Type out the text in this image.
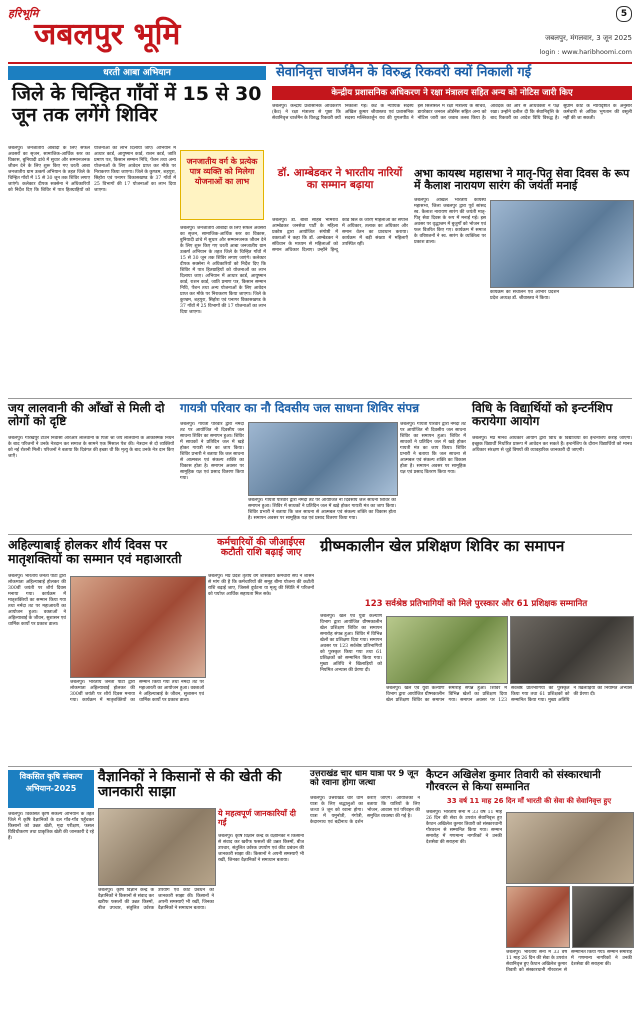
हरिभूमि
जबलपुर भूमि
5
जबलपुर, मंगलवार, 3 जून 2025
login : www.haribhoomi.com
धरती आबा अभियान
जिले के चिन्हित गाँवों में 15 से 30 जून तक लगेंगे शिविर
जबलपुर। जनजातीय आबादी के लिए सफल अवसरों का सृजन, सामाजिक-आर्थिक स्तर का विकास, बुनियादी ढांचे में सुधार और सम्मानजनक जीवन देने के लिए शुरू किए गए धरती आबा जनजातीय ग्राम उत्कर्ष अभियान के तहत जिले के चिन्हित गाँवों में 15 से 30 जून तक शिविर लगाए जाएंगे। कलेक्टर दीपक सक्सेना ने अधिकारियों को निर्देश दिए कि शिविर में पात्र हितग्राहियों को योजनाओं का लाभ दिलाया जाए। अभियान में आधार कार्ड, आयुष्मान कार्ड, राशन कार्ड, जाति प्रमाण पत्र, किसान सम्मान निधि, पेंशन तथा अन्य योजनाओं के लिए आवेदन प्राप्त कर मौके पर निराकरण किया जाएगा। जिले के कुण्डम, शहपुरा, सिहोरा एवं पनागर विकासखण्ड के 37 गाँवों में 25 विभागों की 17 योजनाओं का लाभ दिया जाएगा।
जनजातीय वर्ग के प्रत्येक पात्र व्यक्ति को मिलेगा योजनाओं का लाभ
जबलपुर। जनजातीय आबादी के लिए सफल अवसरों का सृजन, सामाजिक-आर्थिक स्तर का विकास, बुनियादी ढांचे में सुधार और सम्मानजनक जीवन देने के लिए शुरू किए गए धरती आबा जनजातीय ग्राम उत्कर्ष अभियान के तहत जिले के चिन्हित गाँवों में 15 से 30 जून तक शिविर लगाए जाएंगे। कलेक्टर दीपक सक्सेना ने अधिकारियों को निर्देश दिए कि शिविर में पात्र हितग्राहियों को योजनाओं का लाभ दिलाया जाए। अभियान में आधार कार्ड, आयुष्मान कार्ड, राशन कार्ड, जाति प्रमाण पत्र, किसान सम्मान निधि, पेंशन तथा अन्य योजनाओं के लिए आवेदन प्राप्त कर मौके पर निराकरण किया जाएगा। जिले के कुण्डम, शहपुरा, सिहोरा एवं पनागर विकासखण्ड के 37 गाँवों में 25 विभागों की 17 योजनाओं का लाभ दिया जाएगा।
सेवानिवृत्त चार्जमैन के विरुद्ध रिकवरी क्यों निकाली गई
केन्द्रीय प्रशासनिक अधिकरण ने रक्षा मंत्रालय सहित अन्य को नोटिस जारी किए
जबलपुर। केन्द्रीय प्रशासनिक अधिकरण (कैट) ने रक्षा मंत्रालय से पूछा कि सेवानिवृत्त चार्जमैन के विरुद्ध रिकवरी क्यों निकाली गई। कैट के न्यायिक सदस्य अखिल कुमार श्रीवास्तव एवं प्रशासनिक सदस्य मल्लिकार्जुन राव की युगलपीठ ने इस सिलसिले में रक्षा मंत्रालय के सचिव, डायरेक्टर जनरल ऑर्डनेंस सहित अन्य को नोटिस जारी कर जवाब तलब किया है। आवेदक की ओर से अधिवक्ता ने पक्ष रखा। उन्होंने दलील दी कि सेवानिवृत्ति के बाद रिकवरी का आदेश विधि विरुद्ध है। सुप्रीम कोर्ट के न्यायदृष्टांत के अनुसार कर्मचारी से अधिक भुगतान की वसूली नहीं की जा सकती।
डॉ. आम्बेडकर ने भारतीय नारियों का सम्मान बढ़ाया
जबलपुर। डॉ. बाबा साहेब भीमराव आम्बेडकर जनसेवा पार्टी के महिला प्रकोष्ठ द्वारा आयोजित संगोष्ठी में वक्ताओं ने कहा कि डॉ. आम्बेडकर ने संविधान के माध्यम से महिलाओं को समान अधिकार दिलाए। उन्होंने हिन्दू कोड बिल के जरिए महिलाओं को संपत्ति में अधिकार, तलाक का अधिकार और समान वेतन का प्रावधान कराया। कार्यक्रम में बड़ी संख्या में महिलाएँ उपस्थित रहीं।
अभा कायस्थ महासभा ने मातृ-पितृ सेवा दिवस के रूप में कैलाश नारायण सारंग की जयंती मनाई
जबलपुर। अखिल भारतीय कायस्थ महासभा, जिला जबलपुर द्वारा पूर्व सांसद स्व. कैलाश नारायण सारंग की जयंती मातृ-पितृ सेवा दिवस के रूप में मनाई गई। इस अवसर पर वृद्धाश्रम में बुजुर्गों को भोजन एवं फल वितरित किए गए। कार्यक्रम में समाज के वरिष्ठजनों ने स्व. सारंग के व्यक्तित्व पर प्रकाश डाला।
कार्यक्रम का संचालन एवं आभार प्रदर्शन प्रदेश अध्यक्ष डॉ. श्रीवास्तव ने किया।
जय लालवानी की आँखों से मिली दो लोगों को दृष्टि
जबलपुर। गोरखपुर टाउन निवासी आरआर लालवानी के पिता श्री जय लालवानी के आकस्मिक निधन के बाद परिजनों ने उनके नेत्रदान कर समाज के सामने एक मिसाल पेश की। नेत्रदान से दो व्यक्तियों को नई रोशनी मिली। परिजनों ने बताया कि दिवंगत की इच्छा थी कि मृत्यु के बाद उनके नेत्र दान किए जाएँ।
गायत्री परिवार का नौ दिवसीय जल साधना शिविर संपन्न
जबलपुर। गायत्री परिवार द्वारा नर्मदा तट पर आयोजित नौ दिवसीय जल साधना शिविर का समापन हुआ। शिविर में साधकों ने प्रतिदिन जल में खड़े होकर गायत्री मंत्र का जाप किया। शिविर प्रभारी ने बताया कि जल साधना से आत्मबल एवं संकल्प शक्ति का विकास होता है। समापन अवसर पर सामूहिक यज्ञ एवं प्रसाद वितरण किया गया।
जबलपुर। गायत्री परिवार द्वारा नर्मदा तट पर आयोजित नौ दिवसीय जल साधना शिविर का समापन हुआ। शिविर में साधकों ने प्रतिदिन जल में खड़े होकर गायत्री मंत्र का जाप किया। शिविर प्रभारी ने बताया कि जल साधना से आत्मबल एवं संकल्प शक्ति का विकास होता है। समापन अवसर पर सामूहिक यज्ञ एवं प्रसाद वितरण किया गया।
जबलपुर। गायत्री परिवार द्वारा नर्मदा तट पर आयोजित नौ दिवसीय जल साधना शिविर का समापन हुआ। शिविर में साधकों ने प्रतिदिन जल में खड़े होकर गायत्री मंत्र का जाप किया। शिविर प्रभारी ने बताया कि जल साधना से आत्मबल एवं संकल्प शक्ति का विकास होता है। समापन अवसर पर सामूहिक यज्ञ एवं प्रसाद वितरण किया गया।
विधि के विद्यार्थियों को इन्टर्नशिप करायेगा आयोग
जबलपुर। मप्र मानव अधिकार आयोग द्वारा विधि के विद्यार्थियों को इन्टर्नशिप कराई जाएगी। इच्छुक विद्यार्थी निर्धारित प्रारूप में आवेदन कर सकते हैं। इन्टर्नशिप के दौरान विद्यार्थियों को मानव अधिकार संरक्षण से जुड़े विषयों की व्यावहारिक जानकारी दी जाएगी।
अहिल्याबाई होलकर शौर्य दिवस पर मातृशक्तियों का सम्मान एवं महाआरती
जबलपुर। भारतीय जनता पार्टी द्वारा लोकमाता अहिल्याबाई होलकर की 300वीं जयंती पर शौर्य दिवस मनाया गया। कार्यक्रम में मातृशक्तियों का सम्मान किया गया तथा नर्मदा तट पर महाआरती का आयोजन हुआ। वक्ताओं ने अहिल्याबाई के जीवन, सुशासन एवं धार्मिक कार्यों पर प्रकाश डाला।
जबलपुर। भारतीय जनता पार्टी द्वारा लोकमाता अहिल्याबाई होलकर की 300वीं जयंती पर शौर्य दिवस मनाया गया। कार्यक्रम में मातृशक्तियों का सम्मान किया गया तथा नर्मदा तट पर महाआरती का आयोजन हुआ। वक्ताओं ने अहिल्याबाई के जीवन, सुशासन एवं धार्मिक कार्यों पर प्रकाश डाला।
कर्मचारियों की जीआईएस कटौती राशि बढ़ाई जाए
जबलपुर। मप्र प्रदेश तृतीय वर्ग शासकीय कर्मचारी संघ ने शासन से मांग की है कि कर्मचारियों की समूह बीमा योजना की कटौती राशि बढ़ाई जाए, जिससे दुर्घटना या मृत्यु की स्थिति में परिजनों को पर्याप्त आर्थिक सहायता मिल सके।
ग्रीष्मकालीन खेल प्रशिक्षण शिविर का समापन
123 सर्वश्रेष्ठ प्रतिभागियों को मिले पुरस्कार और 61 प्रशिक्षक सम्मानित
जबलपुर। खेल एवं युवा कल्याण विभाग द्वारा आयोजित ग्रीष्मकालीन खेल प्रशिक्षण शिविर का समापन समारोह संपन्न हुआ। शिविर में विभिन्न खेलों का प्रशिक्षण दिया गया। समापन अवसर पर 123 सर्वश्रेष्ठ प्रतिभागियों को पुरस्कृत किया गया तथा 61 प्रशिक्षकों को सम्मानित किया गया। मुख्य अतिथि ने खिलाड़ियों को नियमित अभ्यास की प्रेरणा दी।
जबलपुर। खेल एवं युवा कल्याण विभाग द्वारा आयोजित ग्रीष्मकालीन खेल प्रशिक्षण शिविर का समापन समारोह संपन्न हुआ। शिविर में विभिन्न खेलों का प्रशिक्षण दिया गया। समापन अवसर पर 123 सर्वश्रेष्ठ प्रतिभागियों को पुरस्कृत किया गया तथा 61 प्रशिक्षकों को सम्मानित किया गया। मुख्य अतिथि ने खिलाड़ियों को नियमित अभ्यास की प्रेरणा दी।
विकसित कृषि संकल्प अभियान-2025
जबलपुर। विकसित कृषि संकल्प अभियान के तहत जिले में कृषि वैज्ञानिकों के दल गाँव-गाँव पहुँचकर किसानों को उन्नत खेती, मृदा परीक्षण, फसल विविधीकरण तथा प्राकृतिक खेती की जानकारी दे रहे हैं।
वैज्ञानिकों ने किसानों से की खेती की जानकारी साझा
ये महत्वपूर्ण जानकारियाँ दी गईं
जबलपुर। कृषि विज्ञान केन्द्र के वैज्ञानिकों ने किसानों से संवाद कर खरीफ फसलों की उन्नत किस्मों, बीज उपचार, संतुलित उर्वरक उपयोग एवं कीट प्रबंधन की जानकारी साझा की। किसानों ने अपनी समस्याएँ भी रखीं, जिनका वैज्ञानिकों ने समाधान बताया।
जबलपुर। कृषि विज्ञान केन्द्र के वैज्ञानिकों ने किसानों से संवाद कर खरीफ फसलों की उन्नत किस्मों, बीज उपचार, संतुलित उर्वरक उपयोग एवं कीट प्रबंधन की जानकारी साझा की। किसानों ने अपनी समस्याएँ भी रखीं, जिनका वैज्ञानिकों ने समाधान बताया।
उत्तराखंड चार धाम यात्रा पर 9 जून को रवाना होगा जत्था
जबलपुर। उत्तराखंड चार धाम यात्रा के लिए श्रद्धालुओं का जत्था 9 जून को रवाना होगा। यात्रा में यमुनोत्री, गंगोत्री, केदारनाथ एवं बद्रीनाथ के दर्शन कराए जाएंगे। आयोजकों ने बताया कि यात्रियों के लिए भोजन, आवास एवं परिवहन की समुचित व्यवस्था की गई है।
कैप्टन अखिलेश कुमार तिवारी को संस्कारधानी गौरवरत्न से किया सम्मानित
33 वर्ष 11 माह 26 दिन माँ भारती की सेवा की सेवानिवृत्त हुए
जबलपुर। भारतीय सेना में 33 वर्ष 11 माह 26 दिन की सेवा के उपरांत सेवानिवृत्त हुए कैप्टन अखिलेश कुमार तिवारी को संस्कारधानी गौरवरत्न से सम्मानित किया गया। सम्मान समारोह में गणमान्य नागरिकों ने उनकी देशसेवा की सराहना की।
जबलपुर। भारतीय सेना में 33 वर्ष 11 माह 26 दिन की सेवा के उपरांत सेवानिवृत्त हुए कैप्टन अखिलेश कुमार तिवारी को संस्कारधानी गौरवरत्न से सम्मानित किया गया। सम्मान समारोह में गणमान्य नागरिकों ने उनकी देशसेवा की सराहना की।
